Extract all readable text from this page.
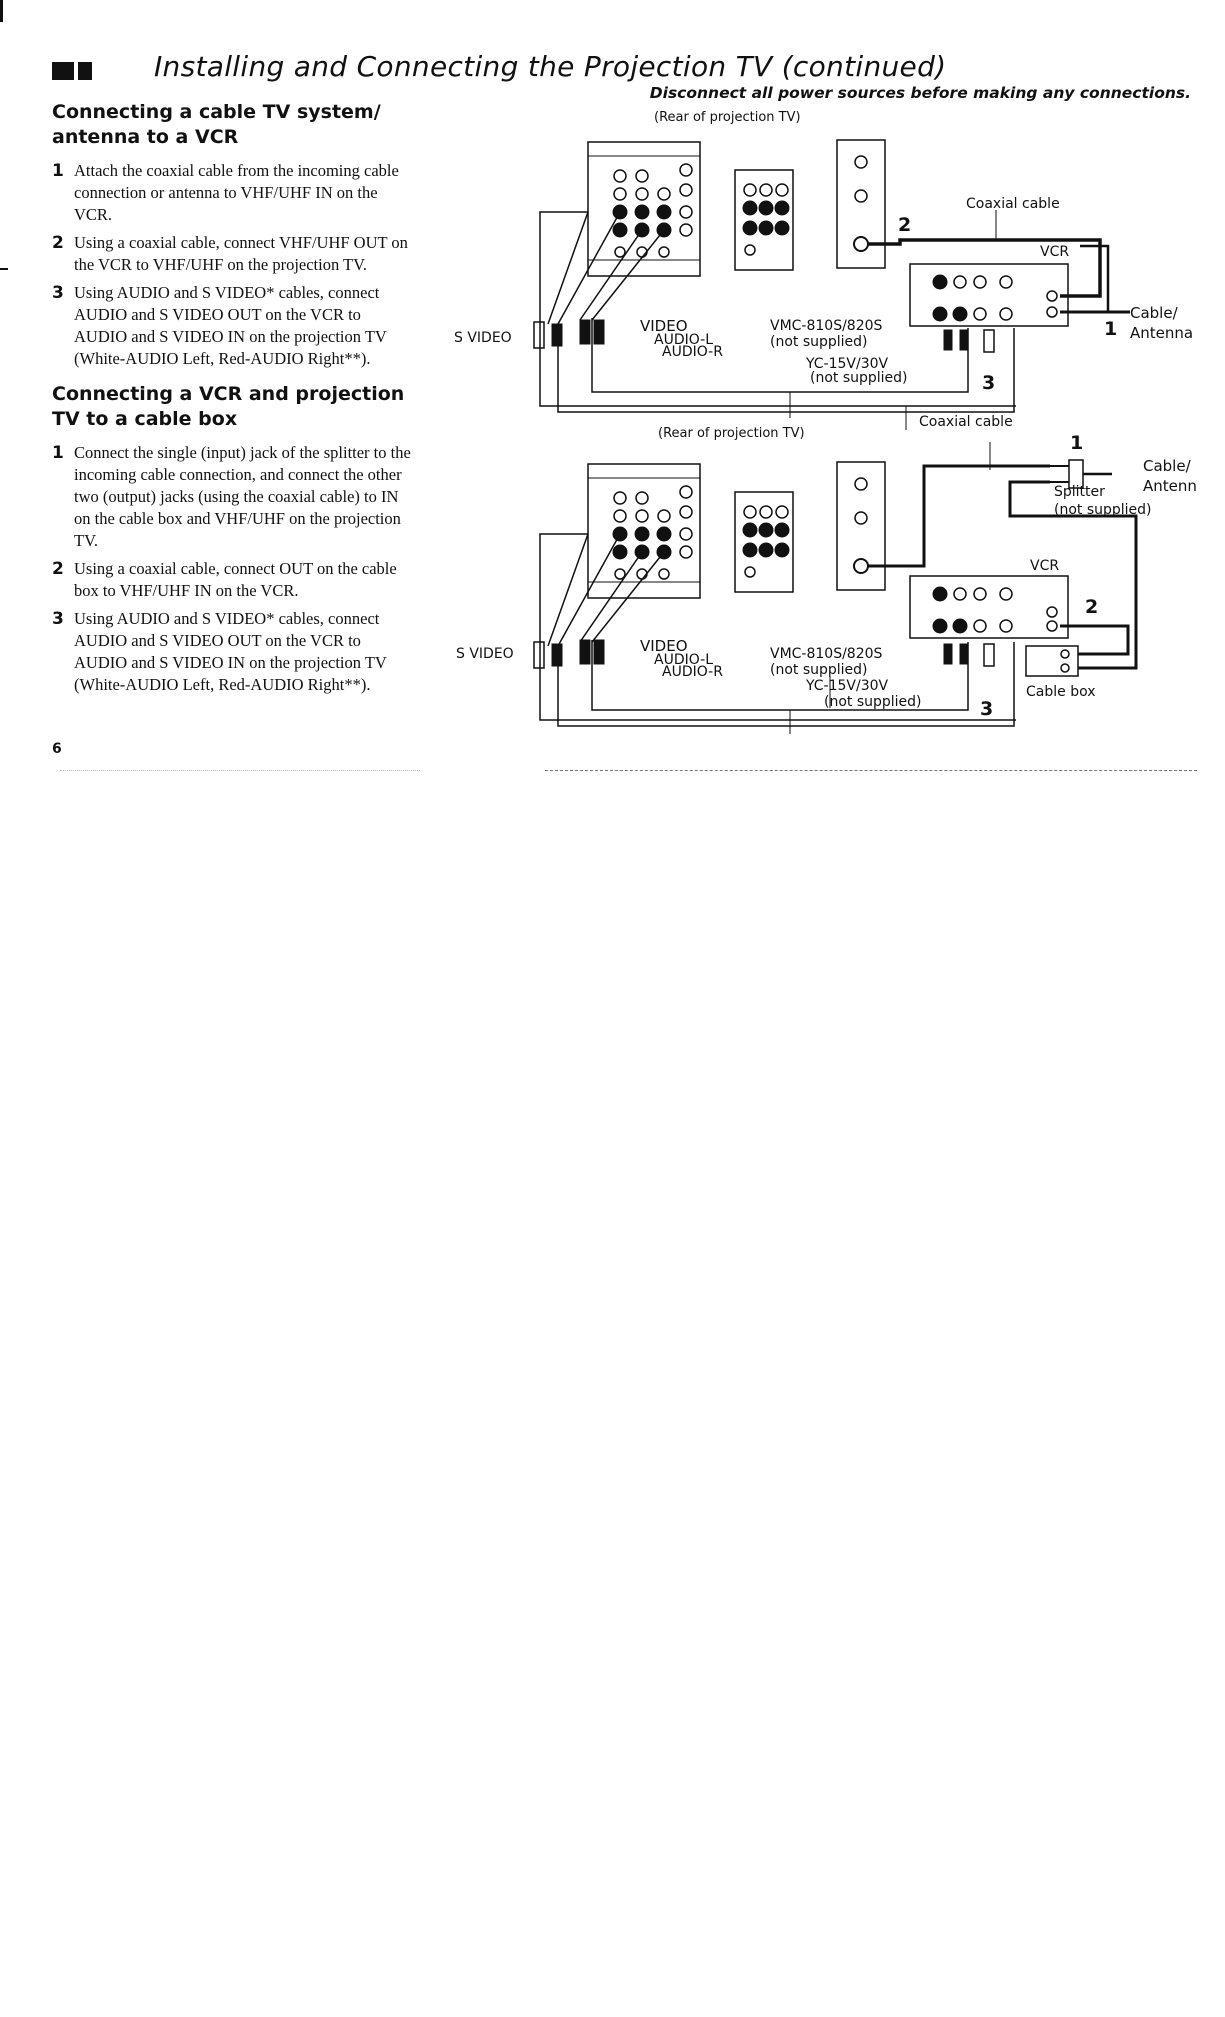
Installing and Connecting the Projection TV (continued)
Disconnect all power sources before making any connections.
Connecting a cable TV system/
antenna to a VCR
1 Attach the coaxial cable from the incoming cable connection or antenna to VHF/UHF IN on the VCR.
2 Using a coaxial cable, connect VHF/UHF OUT on the VCR to VHF/UHF on the projection TV.
3 Using AUDIO and S VIDEO* cables, connect AUDIO and S VIDEO OUT on the VCR to AUDIO and S VIDEO IN on the projection TV (White-AUDIO Left, Red-AUDIO Right**).
Connecting a VCR and projection
TV to a cable box
1 Connect the single (input) jack of the splitter to the incoming cable connection, and connect the other two (output) jacks (using the coaxial cable) to IN on the cable box and VHF/UHF on the projection TV.
2 Using a coaxial cable, connect OUT on the cable box to VHF/UHF IN on the VCR.
3 Using AUDIO and S VIDEO* cables, connect AUDIO and S VIDEO OUT on the VCR to AUDIO and S VIDEO IN on the projection TV (White-AUDIO Left, Red-AUDIO Right**).
6
(Rear of projection TV)
Coaxial cable
2
VCR
Cable/
Antenna
1
S VIDEO
VIDEO
AUDIO-L
AUDIO-R
VMC-810S/820S
(not supplied)
YC-15V/30V
(not supplied)	3
(Rear of projection TV)
Coaxial cable
1
Cable/
Antenn
Splitter
(not supplied)
VCR
2
Cable box
S VIDEO	VIDEO
AUDIO-L
AUDIO-R
VMC-810S/820S
(not supplied)
YC-15V/30V
(not supplied)	3
